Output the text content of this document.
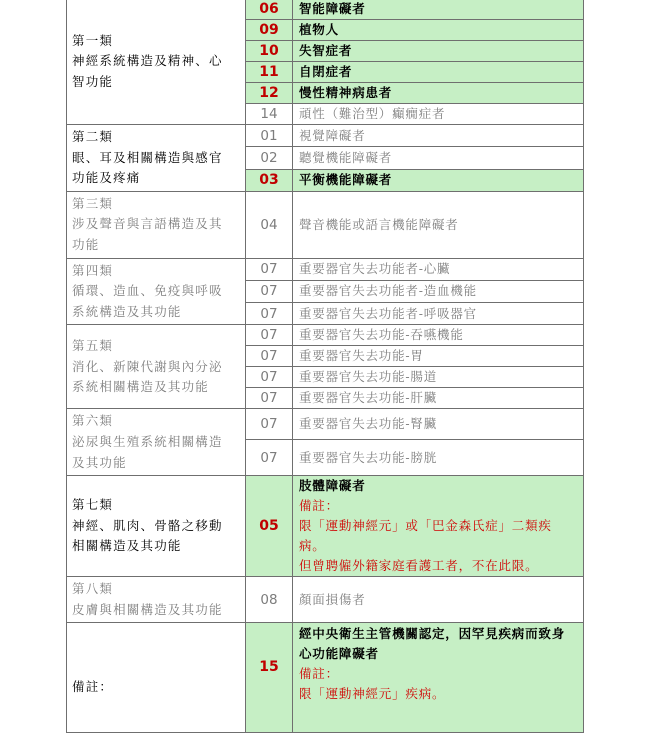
第一類
神經系統構造及精神、心
智功能	06	智能障礙者
	09	植物人
	10	失智症者
	11	自閉症者
	12	慢性精神病患者
	14	頑性（難治型）癲癇症者

第二類
眼、耳及相關構造與感官
功能及疼痛	01	視覺障礙者
	02	聽覺機能障礙者
	03	平衡機能障礙者

第三類
涉及聲音與言語構造及其
功能	04	聲音機能或語言機能障礙者

第四類
循環、造血、免疫與呼吸
系統構造及其功能	07	重要器官失去功能者-心臟
	07	重要器官失去功能者-造血機能
	07	重要器官失去功能者-呼吸器官

第五類
消化、新陳代謝與內分泌
系統相關構造及其功能	07	重要器官失去功能-吞嚥機能
	07	重要器官失去功能-胃
	07	重要器官失去功能-腸道
	07	重要器官失去功能-肝臟

第六類
泌尿與生殖系統相關構造
及其功能	07	重要器官失去功能-腎臟
	07	重要器官失去功能-膀胱

第七類
神經、肌肉、骨骼之移動
相關構造及其功能	05	肢體障礙者
備註：
限「運動神經元」或「巴金森氏症」二類疾病。
但曾聘僱外籍家庭看護工者，不在此限。

第八類
皮膚與相關構造及其功能	08	顏面損傷者

備註：	15	經中央衛生主管機關認定，因罕見疾病而致身
心功能障礙者
備註：
限「運動神經元」疾病。
